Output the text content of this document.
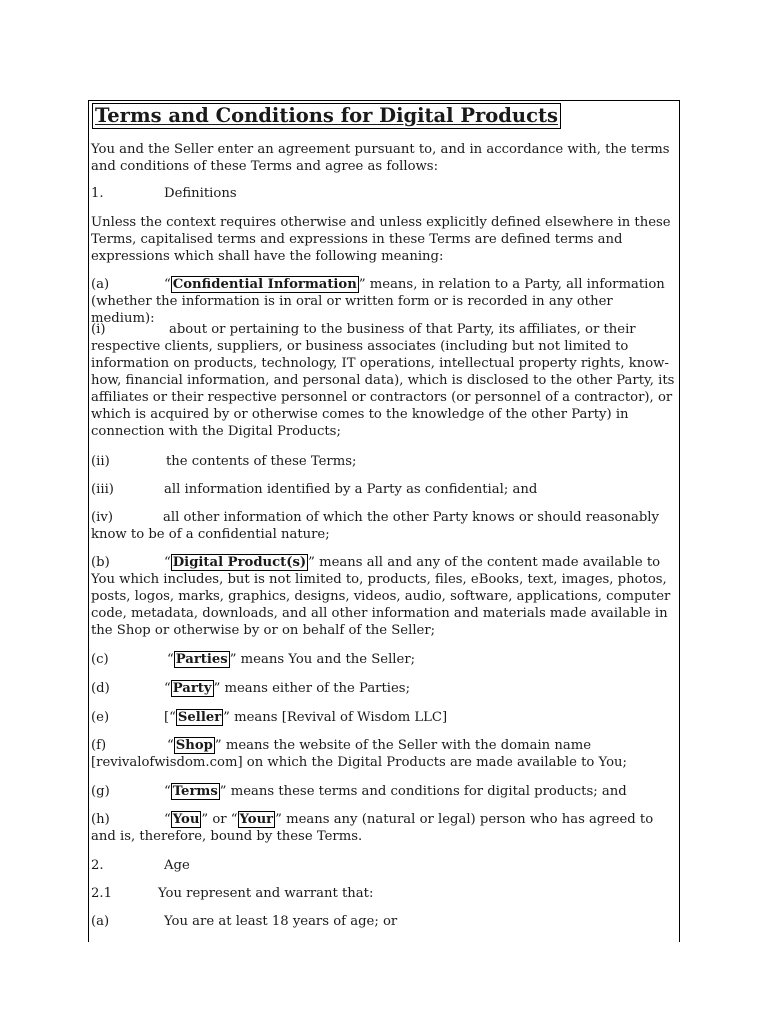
Terms and Conditions for Digital Products

You and the Seller enter an agreement pursuant to, and in accordance with, the terms and conditions of these Terms and agree as follows:

1.	Definitions

Unless the context requires otherwise and unless explicitly defined elsewhere in these Terms, capitalised terms and expressions in these Terms are defined terms and expressions which shall have the following meaning:

(a)	“ Confidential Information ” means, in relation to a Party, all information (whether the information is in oral or written form or is recorded in any other medium):

(i)	about or pertaining to the business of that Party, its affiliates, or their respective clients, suppliers, or business associates (including but not limited to information on products, technology, IT operations, intellectual property rights, know-how, financial information, and personal data), which is disclosed to the other Party, its affiliates or their respective personnel or contractors (or personnel of a contractor), or which is acquired by or otherwise comes to the knowledge of the other Party) in connection with the Digital Products;

(ii)	the contents of these Terms;

(iii)	all information identified by a Party as confidential; and

(iv)	all other information of which the other Party knows or should reasonably know to be of a confidential nature;

(b)	“ Digital Product(s) ” means all and any of the content made available to You which includes, but is not limited to, products, files, eBooks, text, images, photos, posts, logos, marks, graphics, designs, videos, audio, software, applications, computer code, metadata, downloads, and all other information and materials made available in the Shop or otherwise by or on behalf of the Seller;

(c)	“ Parties ” means You and the Seller;

(d)	“ Party ” means either of the Parties;

(e)	[“ Seller ” means [Revival of Wisdom LLC]

(f)	“ Shop ” means the website of the Seller with the domain name [revivalofwisdom.com] on which the Digital Products are made available to You;

(g)	“ Terms ” means these terms and conditions for digital products; and

(h)	“ You ” or “ Your ” means any (natural or legal) person who has agreed to and is, therefore, bound by these Terms.

2.	Age

2.1	You represent and warrant that:

(a)	You are at least 18 years of age; or
